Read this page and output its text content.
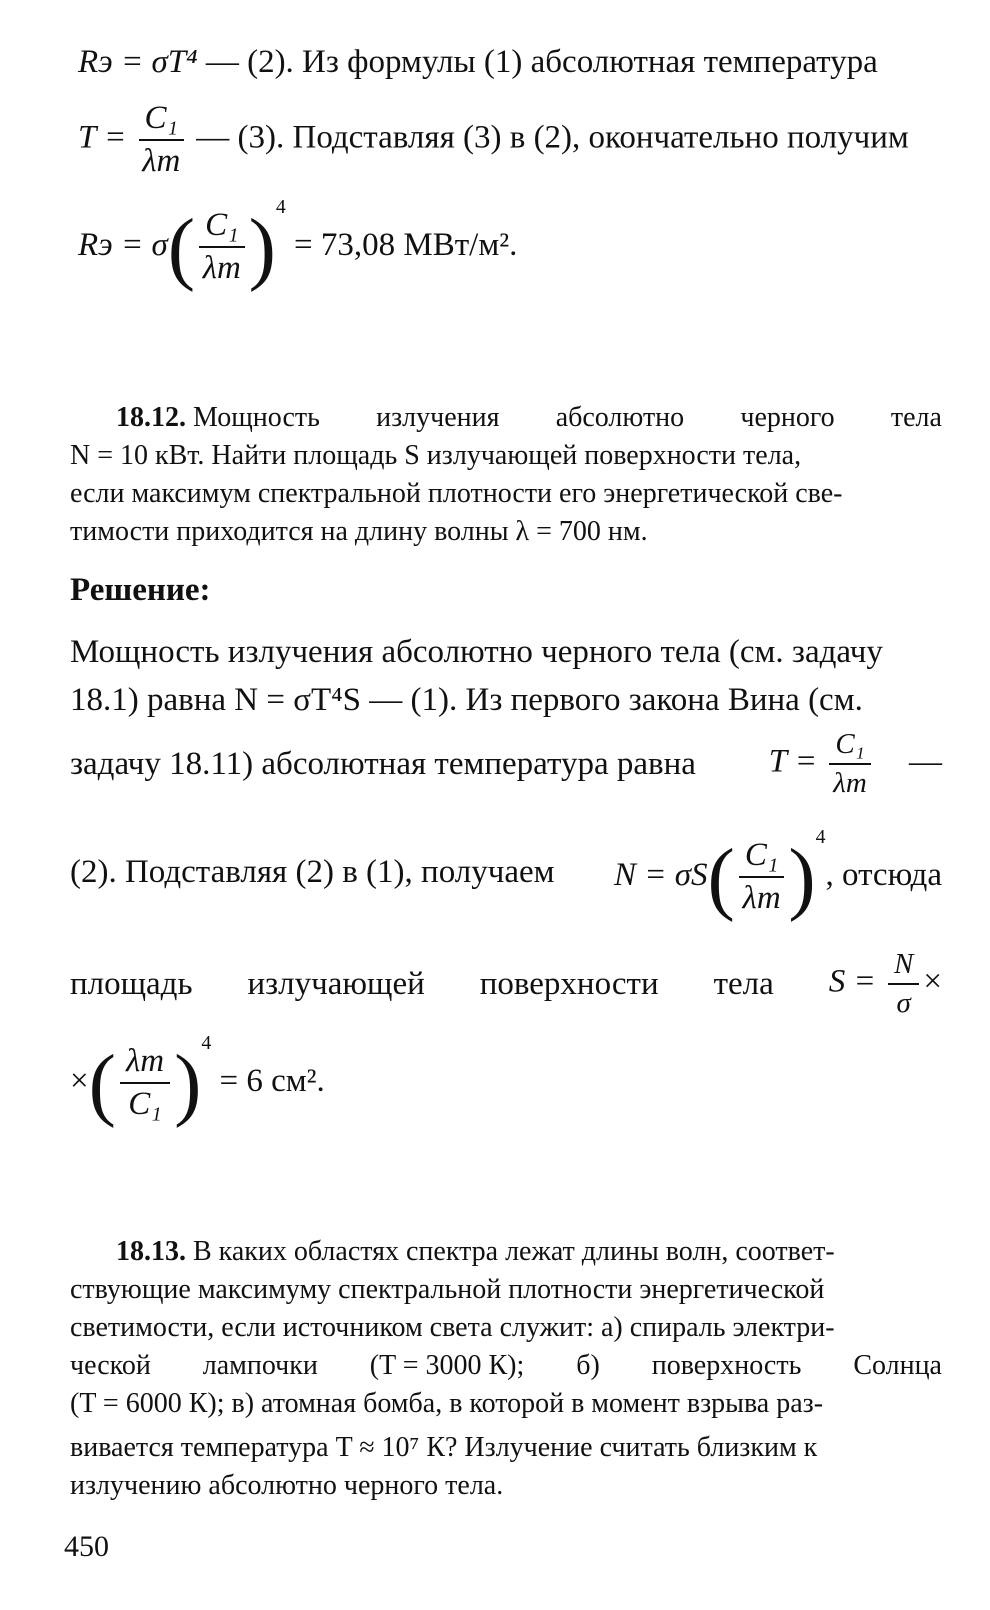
Rэ = σT⁴ — (2). Из формулы (1) абсолютная температура
$T = \frac{\text{C₁}}{\lambda m}$ — (3). Подставляя (3) в (2), окончательно получим
Rэ = $\sigma( \frac{\text{C₁}}{\lambda m} )^4 = 73,08$ МВт/м².
18.12. Мощность излучения абсолютно черного тела
N = 10 кВт. Найти площадь S излучающей поверхности тела,
если максимум спектральной плотности его энергетической све-
тимости приходится на длину волны λ = 700 нм.
Решение:
Мощность излучения абсолютно черного тела (см. задачу
18.1) равна N = σT⁴S — (1). Из первого закона Вина (см.
задачу 18.11) абсолютная температура равна $T = \frac{\text{C₁}}{\lambda m}$ —
(2). Подставляя (2) в (1), получаем $N = \sigma S( \frac{\text{C₁}}{\lambda m} )^4$, отсюда
площадь излучающей поверхности тела $S = \frac{N}{\sigma}$ ×
×( $\frac{\lambda m}{\text{C₁}} )^4 = 6$ см².
18.13. В каких областях спектра лежат длины волн, соответ-
ствующие максимуму спектральной плотности энергетической
светимости, если источником света служит: а) спираль электри-
ческой лампочки (T = 3000 К); б) поверхность Солнца
(T = 6000 К); в) атомная бомба, в которой в момент взрыва раз-
вивается температура T ≈ 10⁷ К? Излучение считать близким к
излучению абсолютно черного тела.
450
